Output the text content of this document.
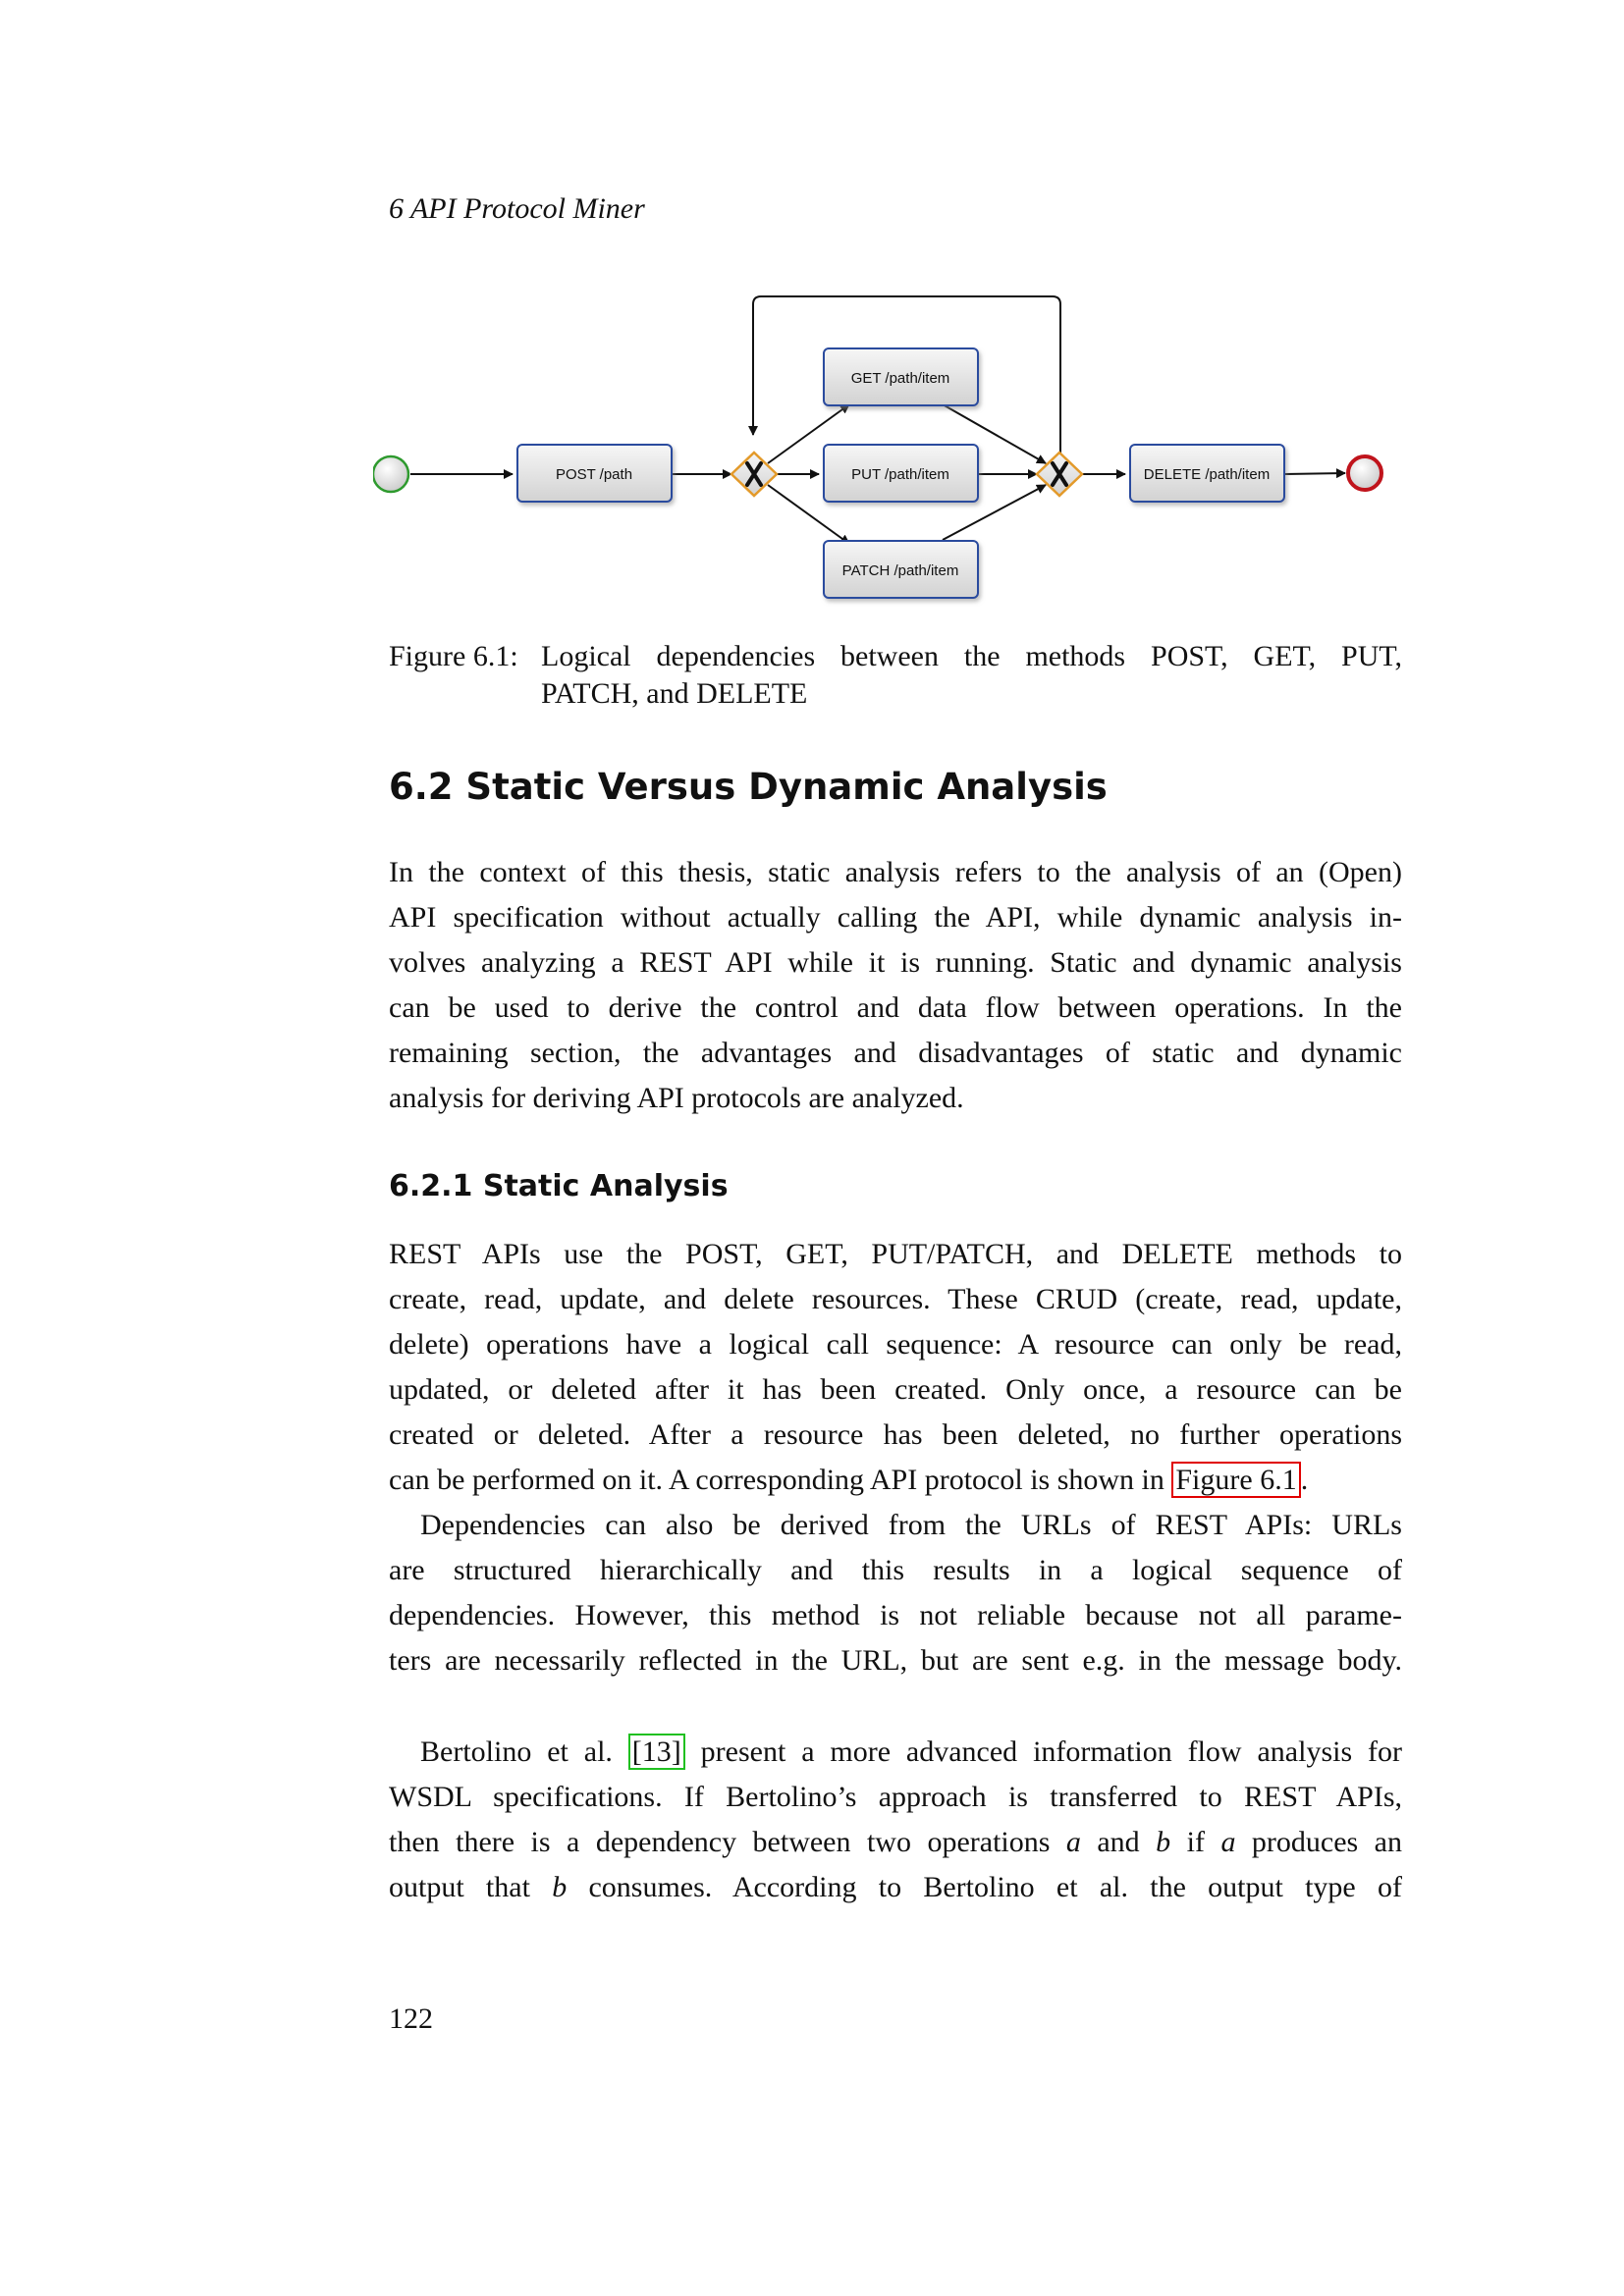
6 API Protocol Miner
POST /path
GET /path/item
PUT /path/item
PATCH /path/item
DELETE /path/item
Figure 6.1: Logical dependencies between the methods POST, GET, PUT,
PATCH, and DELETE
6.2 Static Versus Dynamic Analysis
In the context of this thesis, static analysis refers to the analysis of an (Open)
API specification without actually calling the API, while dynamic analysis in-
volves analyzing a REST API while it is running. Static and dynamic analysis
can be used to derive the control and data flow between operations. In the
remaining section, the advantages and disadvantages of static and dynamic
analysis for deriving API protocols are analyzed.
6.2.1 Static Analysis
REST APIs use the POST, GET, PUT/PATCH, and DELETE methods to
create, read, update, and delete resources. These CRUD (create, read, update,
delete) operations have a logical call sequence: A resource can only be read,
updated, or deleted after it has been created. Only once, a resource can be
created or deleted. After a resource has been deleted, no further operations
can be performed on it. A corresponding API protocol is shown in Figure 6.1 .
Dependencies can also be derived from the URLs of REST APIs: URLs
are structured hierarchically and this results in a logical sequence of
dependencies. However, this method is not reliable because not all parame-
ters are necessarily reflected in the URL, but are sent e.g. in the message body.
Bertolino et al. [13] present a more advanced information flow analysis for
WSDL specifications. If Bertolino’s approach is transferred to REST APIs,
then there is a dependency between two operations a and b if a produces an
output that b consumes. According to Bertolino et al. the output type of
122
